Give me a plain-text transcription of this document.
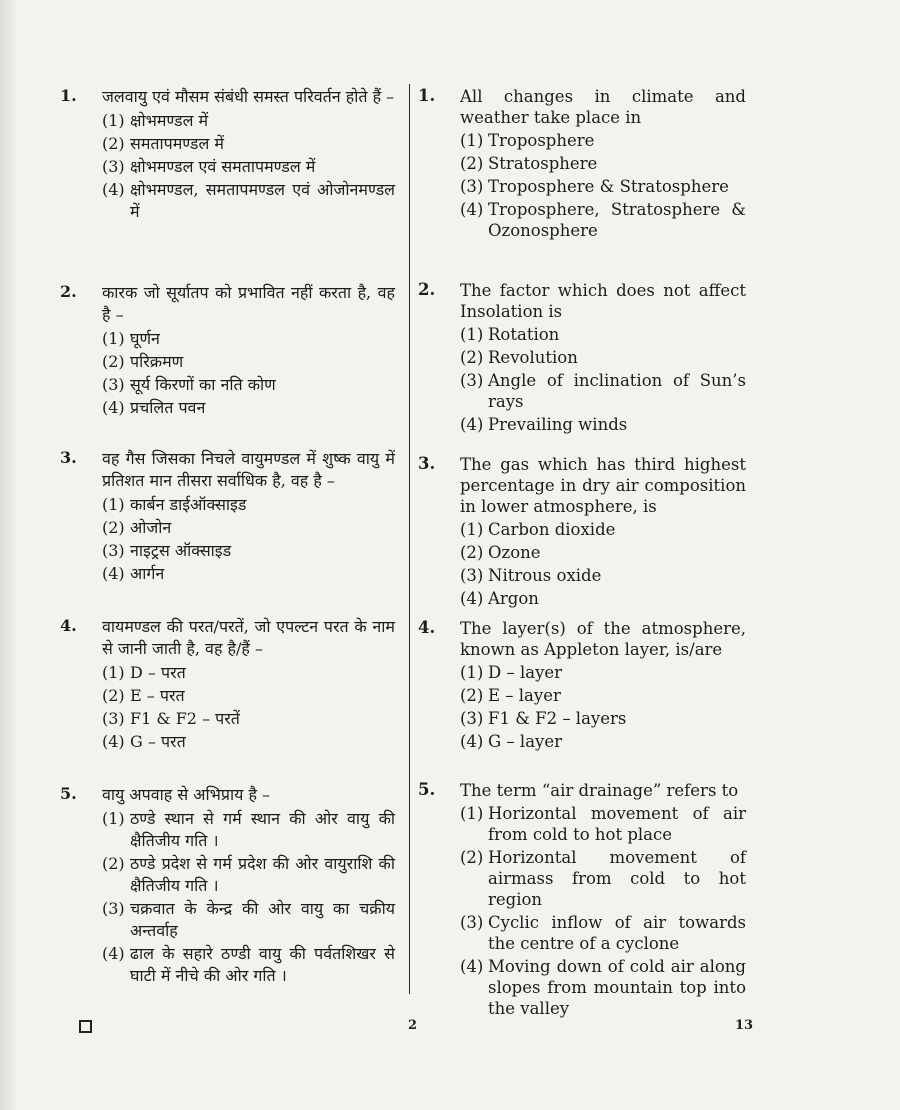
1. जलवायु एवं मौसम संबंधी समस्त परिवर्तन होते हैं –
(1) क्षोभमण्डल में
(2) समतापमण्डल में
(3) क्षोभमण्डल एवं समतापमण्डल में
(4) क्षोभमण्डल, समतापमण्डल एवं ओजोनमण्डल में
2. कारक जो सूर्यातप को प्रभावित नहीं करता है, वह है –
(1) घूर्णन
(2) परिक्रमण
(3) सूर्य किरणों का नति कोण
(4) प्रचलित पवन
3. वह गैस जिसका निचले वायुमण्डल में शुष्क वायु में प्रतिशत मान तीसरा सर्वाधिक है, वह है –
(1) कार्बन डाईऑक्साइड
(2) ओजोन
(3) नाइट्रस ऑक्साइड
(4) आर्गन
4. वायमण्डल की परत/परतें, जो एपल्टन परत के नाम से जानी जाती है, वह है/हैं –
(1) D – परत
(2) E – परत
(3) F1 & F2 – परतें
(4) G – परत
5. वायु अपवाह से अभिप्राय है –
(1) ठण्डे स्थान से गर्म स्थान की ओर वायु की क्षैतिजीय गति ।
(2) ठण्डे प्रदेश से गर्म प्रदेश की ओर वायुराशि की क्षैतिजीय गति ।
(3) चक्रवात के केन्द्र की ओर वायु का चक्रीय अन्तर्वाह
(4) ढाल के सहारे ठण्डी वायु की पर्वतशिखर से घाटी में नीचे की ओर गति ।
1. All changes in climate and weather take place in
(1) Troposphere
(2) Stratosphere
(3) Troposphere & Stratosphere
(4) Troposphere, Stratosphere & Ozonosphere
2. The factor which does not affect Insolation is
(1) Rotation
(2) Revolution
(3) Angle of inclination of Sun’s rays
(4) Prevailing winds
3. The gas which has third highest percentage in dry air composition in lower atmosphere, is
(1) Carbon dioxide
(2) Ozone
(3) Nitrous oxide
(4) Argon
4. The layer(s) of the atmosphere, known as Appleton layer, is/are
(1) D – layer
(2) E – layer
(3) F1 & F2 – layers
(4) G – layer
5. The term “air drainage” refers to
(1) Horizontal movement of air from cold to hot place
(2) Horizontal movement of airmass from cold to hot region
(3) Cyclic inflow of air towards the centre of a cyclone
(4) Moving down of cold air along slopes from mountain top into the valley
2	13
